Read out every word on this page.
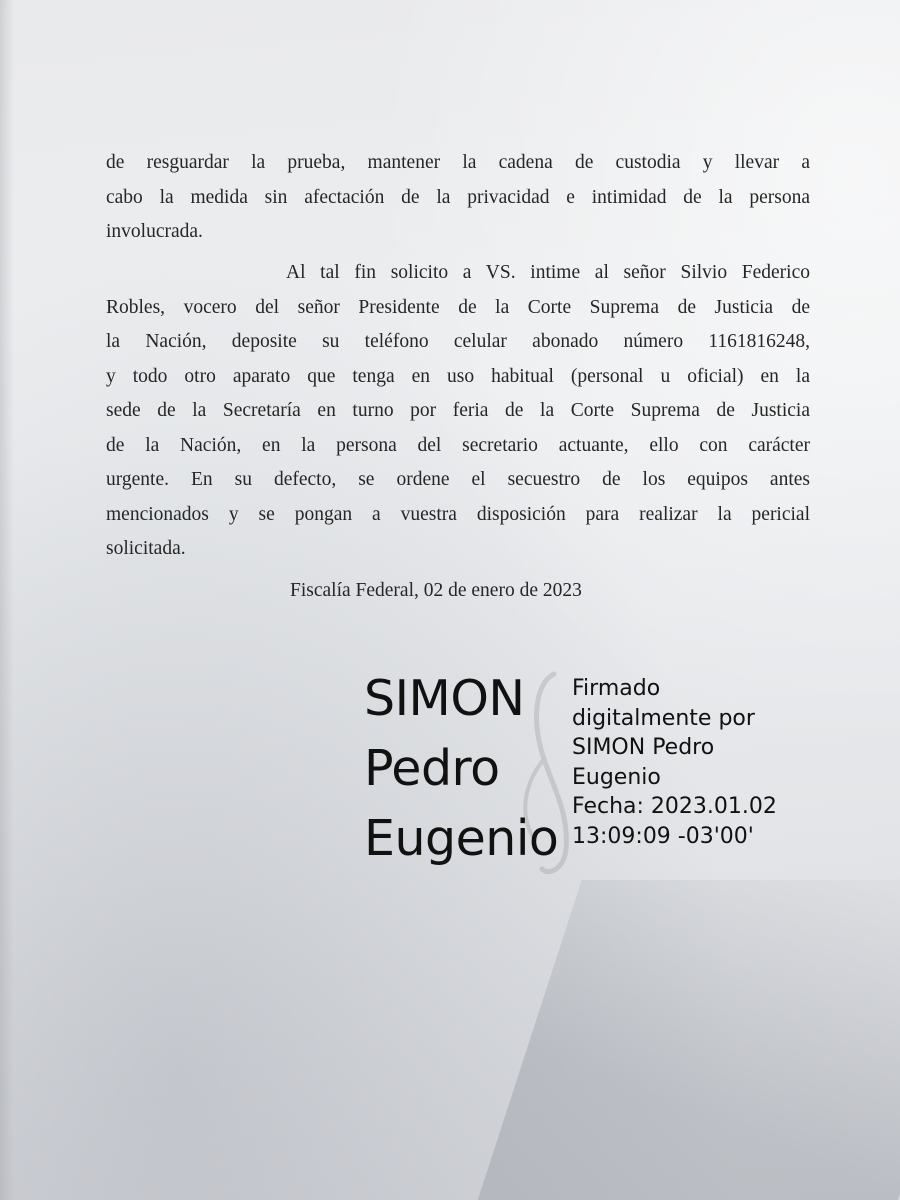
de resguardar la prueba, mantener la cadena de custodia y llevar a
cabo la medida sin afectación de la privacidad e intimidad de la persona
involucrada.
Al tal fin solicito a VS. intime al señor Silvio Federico
Robles, vocero del señor Presidente de la Corte Suprema de Justicia de
la Nación, deposite su teléfono celular abonado número 1161816248,
y todo otro aparato que tenga en uso habitual (personal u oficial) en la
sede de la Secretaría en turno por feria de la Corte Suprema de Justicia
de la Nación, en la persona del secretario actuante, ello con carácter
urgente. En su defecto, se ordene el secuestro de los equipos antes
mencionados y se pongan a vuestra disposición para realizar la pericial
solicitada.
Fiscalía Federal, 02 de enero de 2023
SIMON
Pedro
Eugenio
Firmado
digitalmente por
SIMON Pedro
Eugenio
Fecha: 2023.01.02
13:09:09 -03'00'
